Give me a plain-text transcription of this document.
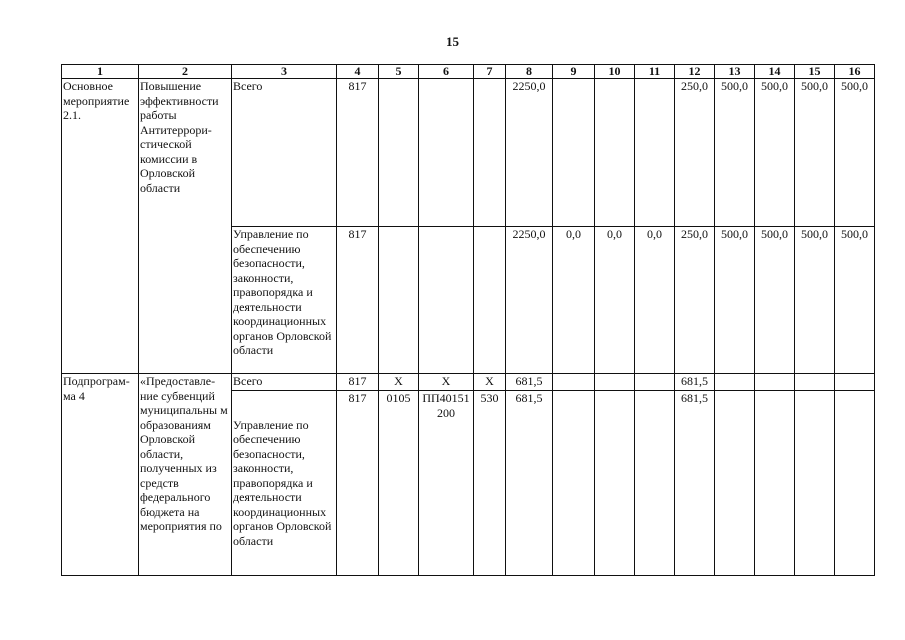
15
1	2	3	4	5	6	7	8	9	10	11	12	13	14	15	16
Основное мероприятие 2.1.	Повышение эффективности работы Антитеррори-стической комиссии в Орловской области	Всего	817				2250,0				250,0	500,0	500,0	500,0	500,0
		Управление по обеспечению безопасности, законности, правопорядка и деятельности координационных органов Орловской области	817				2250,0	0,0	0,0	0,0	250,0	500,0	500,0	500,0	500,0
Подпрограм-ма 4	«Предоставле-ние субвенций муниципальны м образованиям Орловской области, полученных из средств федерального бюджета на мероприятия по	Всего	817	X	X	X	681,5				681,5				
		Управление по обеспечению безопасности, законности, правопорядка и деятельности координационных органов Орловской области	817	0105	ПП40151 200	530	681,5				681,5				
